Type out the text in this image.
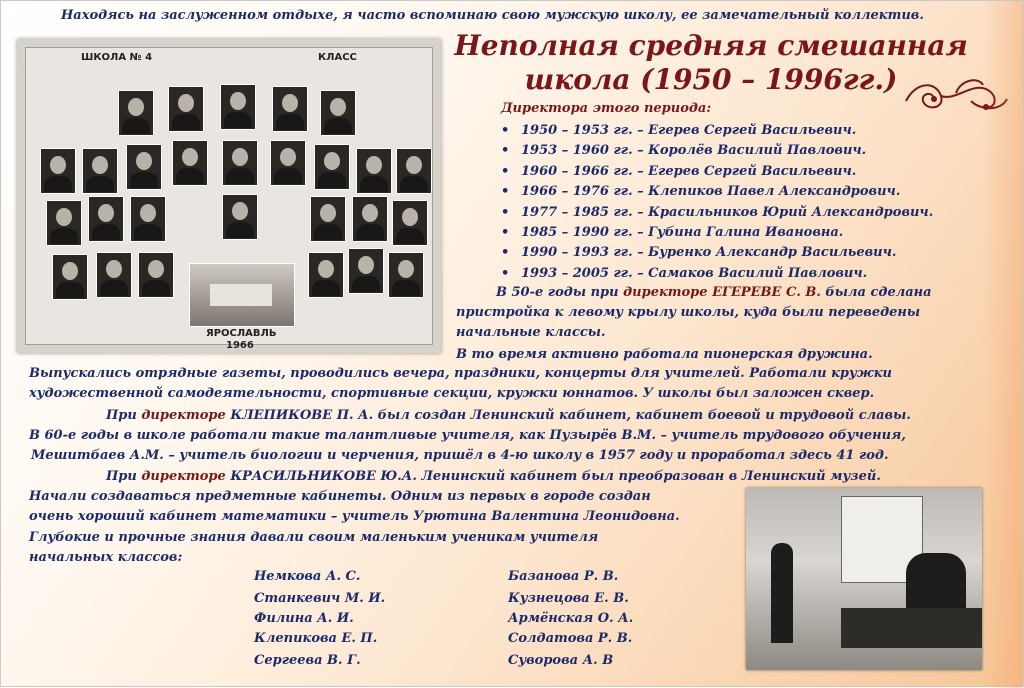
Находясь на заслуженном отдыхе, я часто вспоминаю свою мужскую школу, ее замечательный коллектив.
Неполная средняя смешанная
школа (1950 – 1996гг.)
ШКОЛА № 4	КЛАСС
ЯРОСЛАВЛЬ
1966
Директора этого периода:
• 1950 – 1953 гг. – Егерев Сергей Васильевич.
• 1953 – 1960 гг. – Королёв Василий Павлович.
• 1960 – 1966 гг. – Егерев Сергей Васильевич.
• 1966 – 1976 гг. – Клепиков Павел Александрович.
• 1977 – 1985 гг. – Красильников Юрий Александрович.
• 1985 – 1990 гг. – Губина Галина Ивановна.
• 1990 – 1993 гг. – Буренко Александр Васильевич.
• 1993 – 2005 гг. – Самаков Василий Павлович.
В 50-е годы при директоре ЕГЕРЕВЕ С. В. была сделана
пристройка к левому крылу школы, куда были переведены
начальные классы.
В то время активно работала пионерская дружина.
Выпускались отрядные газеты, проводились вечера, праздники, концерты для учителей. Работали кружки
художественной самодеятельности, спортивные секции, кружки юннатов. У школы был заложен сквер.
При директоре КЛЕПИКОВЕ П. А. был создан Ленинский кабинет, кабинет боевой и трудовой славы.
В 60-е годы в школе работали такие талантливые учителя, как Пузырёв В.М. – учитель трудового обучения,
Мешитбаев А.М. – учитель биологии и черчения, пришёл в 4-ю школу в 1957 году и проработал здесь 41 год.
При директоре КРАСИЛЬНИКОВЕ Ю.А. Ленинский кабинет был преобразован в Ленинский музей.
Начали создаваться предметные кабинеты. Одним из первых в городе создан
очень хороший кабинет математики – учитель Урютина Валентина Леонидовна.
Глубокие и прочные знания давали своим маленьким ученикам учителя
начальных классов:
Немкова А. С.
Станкевич М. И.
Филина А. И.
Клепикова Е. П.
Сергеева В. Г.
Базанова Р. В.
Кузнецова Е. В.
Армёнская О. А.
Солдатова Р. В.
Суворова А. В
